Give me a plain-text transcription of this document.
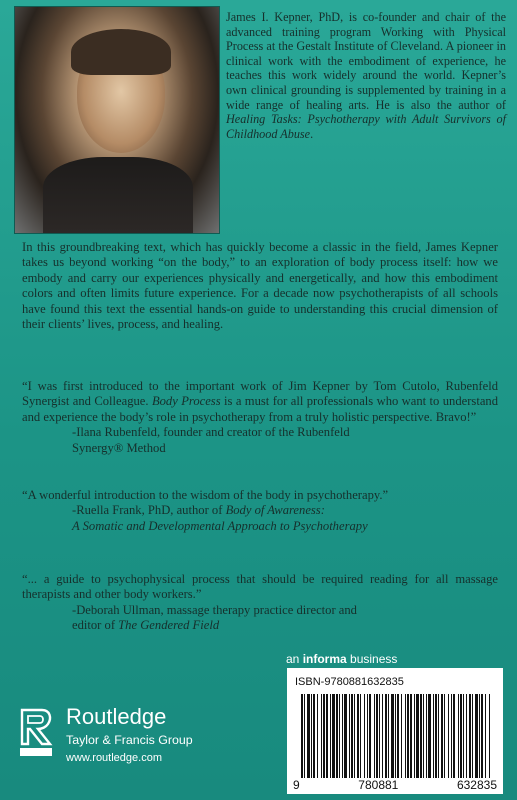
James I. Kepner, PhD, is co-founder and chair of the advanced training program Working with Physical Process at the Gestalt Institute of Cleveland. A pioneer in clinical work with the embodiment of experience, he teaches this work widely around the world. Kepner’s own clinical grounding is supplemented by training in a wide range of healing arts. He is also the author of Healing Tasks: Psychotherapy with Adult Survivors of Childhood Abuse.
In this groundbreaking text, which has quickly become a classic in the field, James Kepner takes us beyond working “on the body,” to an exploration of body process itself: how we embody and carry our experiences physically and energetically, and how this embodiment colors and often limits future experience. For a decade now psychotherapists of all schools have found this text the essential hands-on guide to understanding this crucial dimension of their clients’ lives, process, and healing.
“I was first introduced to the important work of Jim Kepner by Tom Cutolo, Rubenfeld Synergist and Colleague. Body Process is a must for all professionals who want to understand and experience the body’s role in psychotherapy from a truly holistic perspective. Bravo!”
-Ilana Rubenfeld, founder and creator of the Rubenfeld
Synergy® Method
“A wonderful introduction to the wisdom of the body in psychotherapy.”
-Ruella Frank, PhD, author of Body of Awareness:
A Somatic and Developmental Approach to Psychotherapy
“... a guide to psychophysical process that should be required reading for all massage therapists and other body workers.”
-Deborah Ullman, massage therapy practice director and
editor of The Gendered Field
an informa business
ISBN-9780881632835
9	780881	632835
Routledge
Taylor & Francis Group
www.routledge.com
